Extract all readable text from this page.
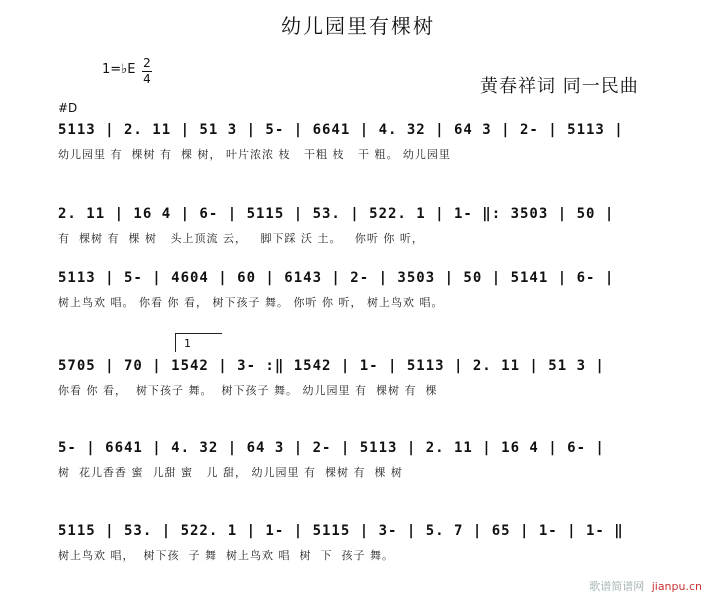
幼儿园里有棵树
1=♭E 2
4	黄春祥词 同一民曲
#D
5113 | 2. 11 | 51 3 | 5- | 6641 | 4. 32 | 64 3 | 2- | 5113 |
幼儿园里 有  棵树 有  棵 树， 叶片浓浓 枝   干粗 枝   干 粗。 幼儿园里
2. 11 | 16 4 | 6- | 5115 | 53. | 522. 1 | 1- ‖: 3503 | 50 |
有  棵树 有  棵 树   头上顶流 云，   脚下踩 沃 土。   你听 你 听，
5113 | 5- | 4604 | 60 | 6143 | 2- | 3503 | 50 | 5141 | 6- |
树上鸟欢 唱。 你看 你 看， 树下孩子 舞。 你听 你 听， 树上鸟欢 唱。
1
5705 | 70 | 1542 | 3- :‖ 1542 | 1- | 5113 | 2. 11 | 51 3 |
你看 你 看，  树下孩子 舞。  树下孩子 舞。 幼儿园里 有  棵树 有  棵
5- | 6641 | 4. 32 | 64 3 | 2- | 5113 | 2. 11 | 16 4 | 6- |
树  花儿香香 蜜  儿甜 蜜   儿 甜， 幼儿园里 有  棵树 有  棵 树
5115 | 53. | 522. 1 | 1- | 5115 | 3- | 5. 7 | 65 | 1- | 1- ‖
树上鸟欢 唱，  树下孩  子 舞  树上鸟欢 唱  树  下  孩子 舞。
歌谱简谱网 jianpu.cn
